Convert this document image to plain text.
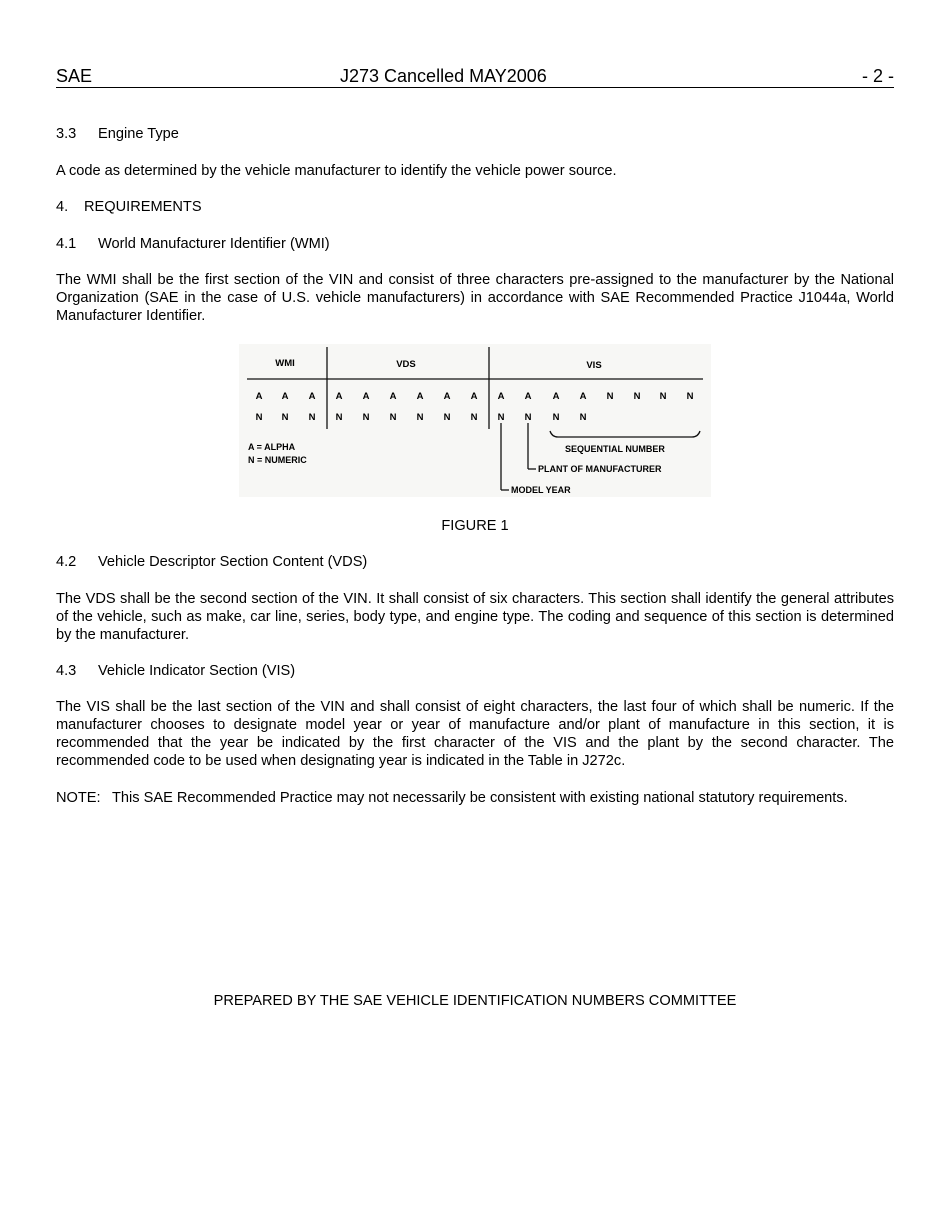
SAE	J273 Cancelled MAY2006	- 2 -
3.3 Engine Type
A code as determined by the vehicle manufacturer to identify the vehicle power source.
4. REQUIREMENTS
4.1 World Manufacturer Identifier (WMI)
The WMI shall be the first section of the VIN and consist of three characters pre-assigned to the manufacturer by the National Organization (SAE in the case of U.S. vehicle manufacturers) in accordance with SAE Recommended Practice J1044a, World Manufacturer Identifier.
WMI	VDS	VIS
A A A A A A A A A A A A A N N N N
N N N N N N N N N N N N N
A = ALPHA
N = NUMERIC
SEQUENTIAL NUMBER
PLANT OF MANUFACTURER
MODEL YEAR
FIGURE 1
4.2 Vehicle Descriptor Section Content (VDS)
The VDS shall be the second section of the VIN. It shall consist of six characters. This section shall identify the general attributes of the vehicle, such as make, car line, series, body type, and engine type. The coding and sequence of this section is determined by the manufacturer.
4.3 Vehicle Indicator Section (VIS)
The VIS shall be the last section of the VIN and shall consist of eight characters, the last four of which shall be numeric. If the manufacturer chooses to designate model year or year of manufacture and/or plant of manufacture in this section, it is recommended that the year be indicated by the first character of the VIS and the plant by the second character. The recommended code to be used when designating year is indicated in the Table in J272c.
NOTE: This SAE Recommended Practice may not necessarily be consistent with existing national statutory requirements.
PREPARED BY THE SAE VEHICLE IDENTIFICATION NUMBERS COMMITTEE
